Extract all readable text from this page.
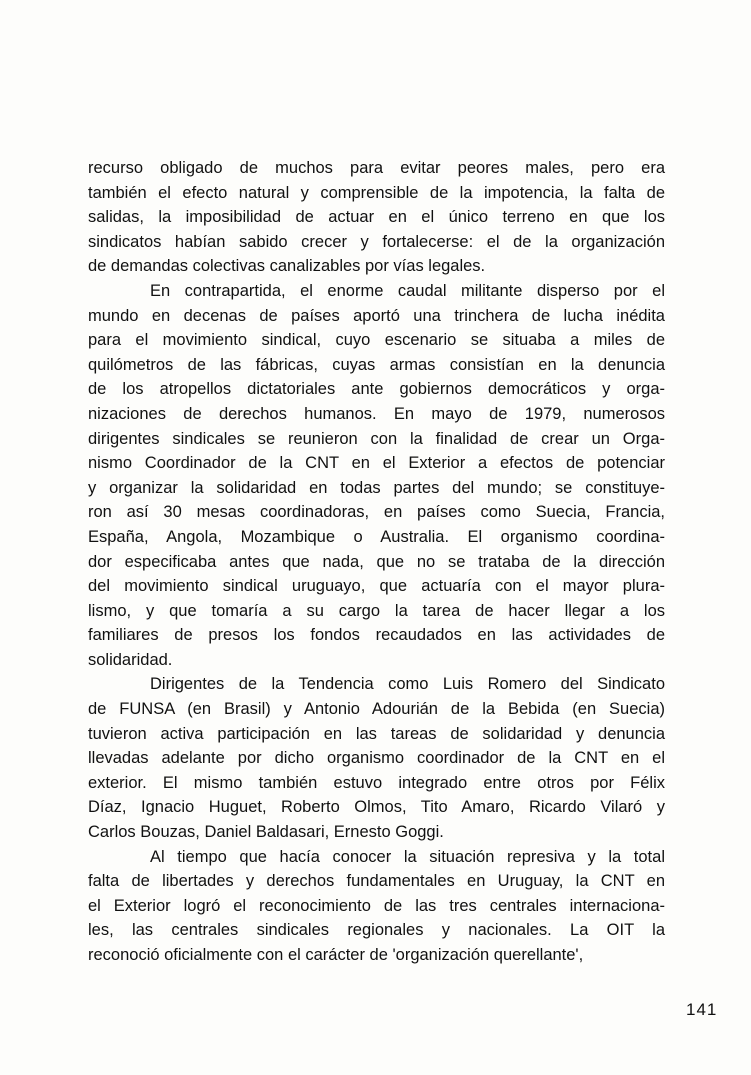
recurso obligado de muchos para evitar peores males, pero era
también el efecto natural y comprensible de la impotencia, la falta de
salidas, la imposibilidad de actuar en el único terreno en que los
sindicatos habían sabido crecer y fortalecerse: el de la organización
de demandas colectivas canalizables por vías legales.
En contrapartida, el enorme caudal militante disperso por el
mundo en decenas de países aportó una trinchera de lucha inédita
para el movimiento sindical, cuyo escenario se situaba a miles de
quilómetros de las fábricas, cuyas armas consistían en la denuncia
de los atropellos dictatoriales ante gobiernos democráticos y orga-
nizaciones de derechos humanos. En mayo de 1979, numerosos
dirigentes sindicales se reunieron con la finalidad de crear un Orga-
nismo Coordinador de la CNT en el Exterior a efectos de potenciar
y organizar la solidaridad en todas partes del mundo; se constituye-
ron así 30 mesas coordinadoras, en países como Suecia, Francia,
España, Angola, Mozambique o Australia. El organismo coordina-
dor especificaba antes que nada, que no se trataba de la dirección
del movimiento sindical uruguayo, que actuaría con el mayor plura-
lismo, y que tomaría a su cargo la tarea de hacer llegar a los
familiares de presos los fondos recaudados en las actividades de
solidaridad.
Dirigentes de la Tendencia como Luis Romero del Sindicato
de FUNSA (en Brasil) y Antonio Adourián de la Bebida (en Suecia)
tuvieron activa participación en las tareas de solidaridad y denuncia
llevadas adelante por dicho organismo coordinador de la CNT en el
exterior. El mismo también estuvo integrado entre otros por Félix
Díaz, Ignacio Huguet, Roberto Olmos, Tito Amaro, Ricardo Vilaró y
Carlos Bouzas, Daniel Baldasari, Ernesto Goggi.
Al tiempo que hacía conocer la situación represiva y la total
falta de libertades y derechos fundamentales en Uruguay, la CNT en
el Exterior logró el reconocimiento de las tres centrales internaciona-
les, las centrales sindicales regionales y nacionales. La OIT la
reconoció oficialmente con el carácter de 'organización querellante',
141
